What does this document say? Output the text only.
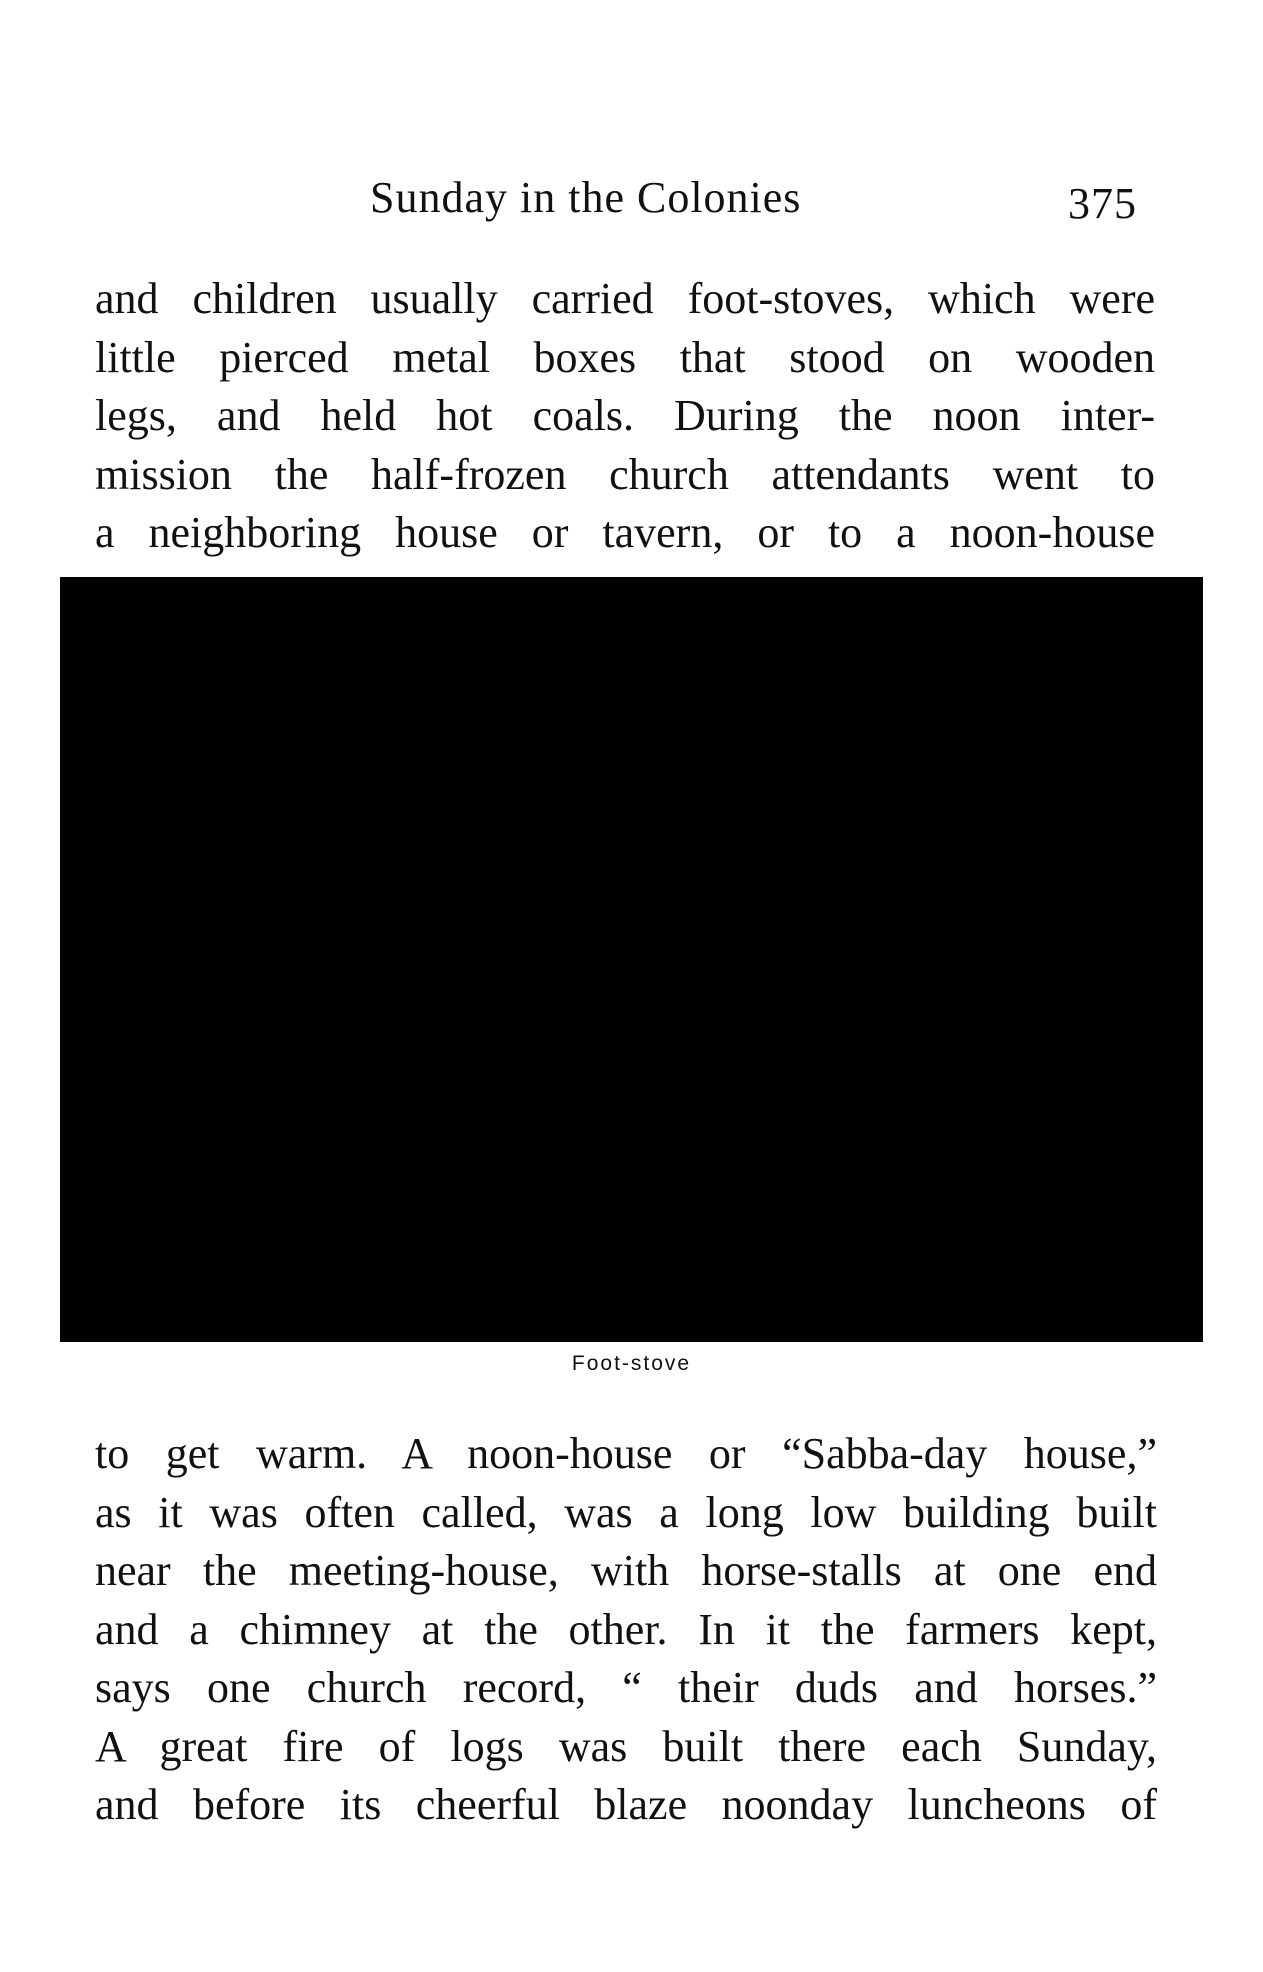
Sunday in the Colonies	375
and children usually carried foot-stoves, which were
little pierced metal boxes that stood on wooden
legs, and held hot coals. During the noon inter-
mission the half-frozen church attendants went to
a neighboring house or tavern, or to a noon-house
Foot-stove
to get warm. A noon-house or “Sabba-day house,”
as it was often called, was a long low building built
near the meeting-house, with horse-stalls at one end
and a chimney at the other. In it the farmers kept,
says one church record, “ their duds and horses.”
A great fire of logs was built there each Sunday,
and before its cheerful blaze noonday luncheons of
